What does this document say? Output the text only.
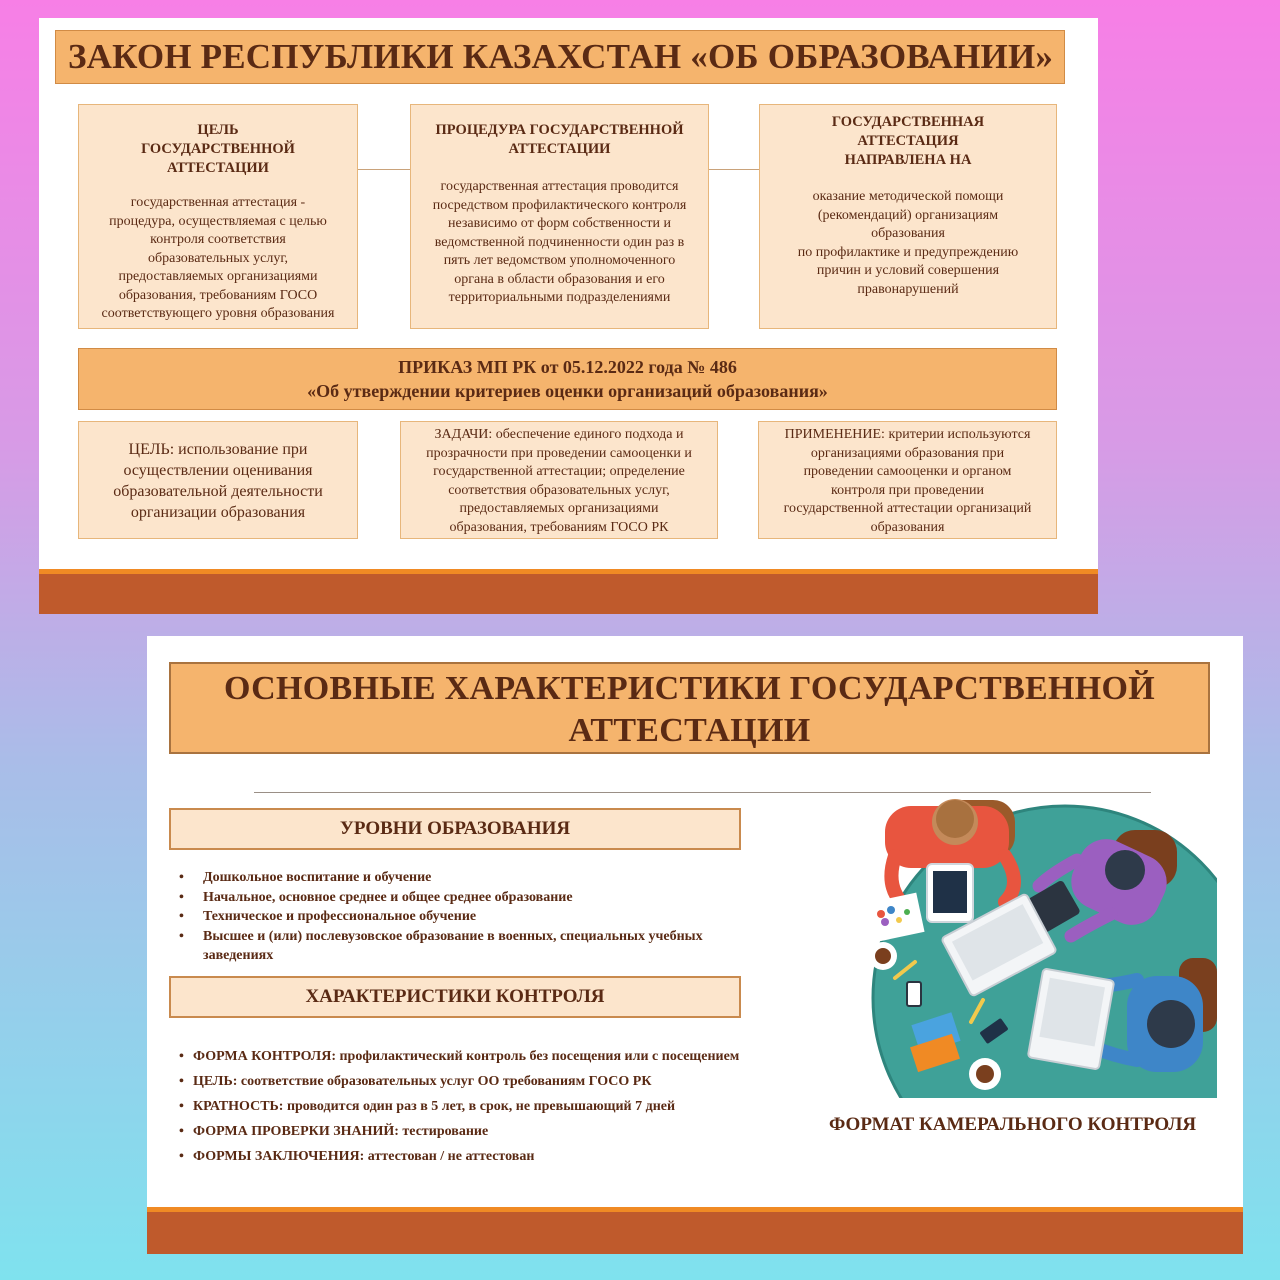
ЗАКОН РЕСПУБЛИКИ КАЗАХСТАН «ОБ ОБРАЗОВАНИИ»
ЦЕЛЬ
ГОСУДАРСТВЕННОЙ
АТТЕСТАЦИИ
государственная аттестация -
процедура, осуществляемая с целью
контроля соответствия
образовательных услуг,
предоставляемых организациями
образования, требованиям ГОСО
соответствующего уровня образования
ПРОЦЕДУРА ГОСУДАРСТВЕННОЙ
АТТЕСТАЦИИ
государственная аттестация проводится
посредством профилактического контроля
независимо от форм собственности и
ведомственной подчиненности один раз в
пять лет ведомством уполномоченного
органа в области образования и его
территориальными подразделениями
ГОСУДАРСТВЕННАЯ
АТТЕСТАЦИЯ
НАПРАВЛЕНА НА
оказание методической помощи
(рекомендаций) организациям
образования
по профилактике и предупреждению
причин и условий совершения
правонарушений
ПРИКАЗ МП РК от 05.12.2022 года № 486
«Об утверждении критериев оценки организаций образования»
ЦЕЛЬ: использование при
осуществлении оценивания
образовательной деятельности
организации образования
ЗАДАЧИ: обеспечение единого подхода и
прозрачности при проведении самооценки и
государственной аттестации; определение
соответствия образовательных услуг,
предоставляемых организациями
образования, требованиям ГОСО РК
ПРИМЕНЕНИЕ: критерии используются
организациями образования при
проведении самооценки и органом
контроля при проведении
государственной аттестации организаций
образования
ОСНОВНЫЕ ХАРАКТЕРИСТИКИ ГОСУДАРСТВЕННОЙ
АТТЕСТАЦИИ
УРОВНИ ОБРАЗОВАНИЯ
• Дошкольное воспитание и обучение
• Начальное, основное среднее и общее среднее образование
• Техническое и профессиональное обучение
• Высшее и (или) послевузовское образование в военных, специальных учебных заведениях
ХАРАКТЕРИСТИКИ КОНТРОЛЯ
• ФОРМА КОНТРОЛЯ: профилактический контроль без посещения или с посещением
• ЦЕЛЬ: соответствие образовательных услуг ОО требованиям ГОСО РК
• КРАТНОСТЬ: проводится один раз в 5 лет, в срок, не превышающий 7 дней
• ФОРМА ПРОВЕРКИ ЗНАНИЙ: тестирование
• ФОРМЫ ЗАКЛЮЧЕНИЯ: аттестован / не аттестован
ФОРМАТ КАМЕРАЛЬНОГО КОНТРОЛЯ
